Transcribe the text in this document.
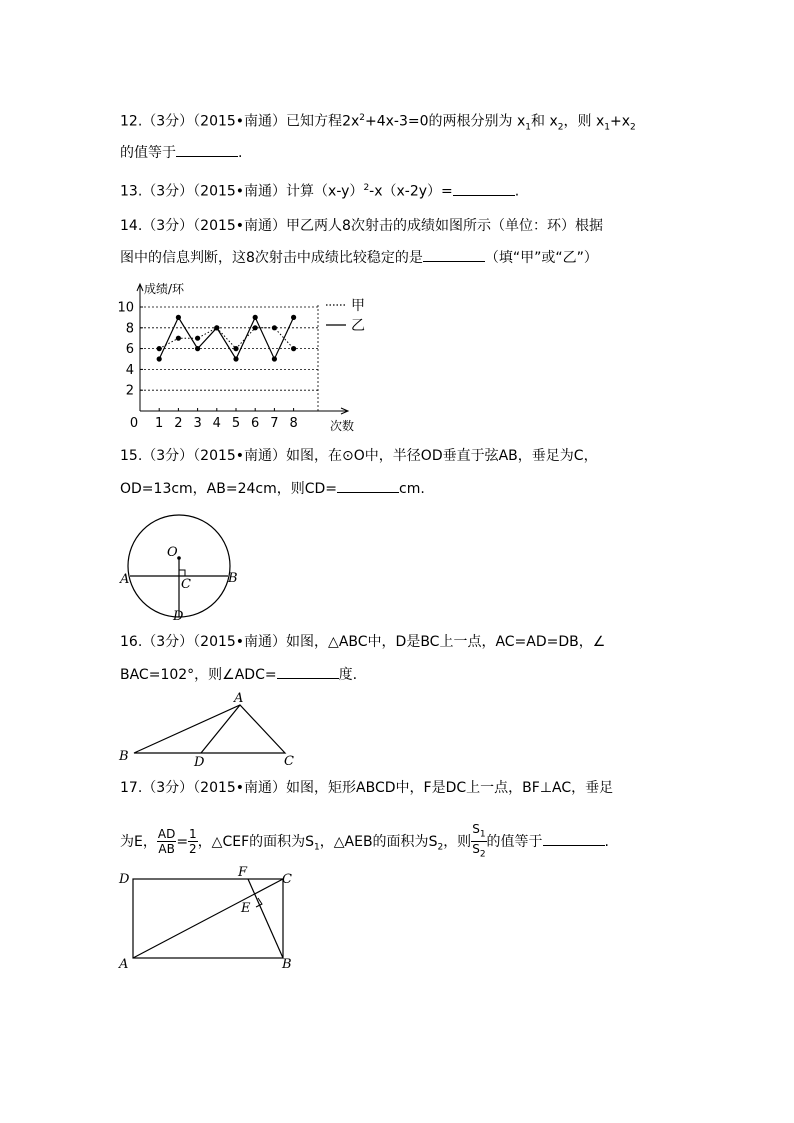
12.（3分）（2015•南通）已知方程$2x^2+4x-3=0$的两根分别为 $x_1$和 $x_2$，则 $x_1+x_2$
的值等于	.
13.（3分）（2015•南通）计算$(x-y)^2-x(x-2y)=$	.
14.（3分）（2015•南通）甲乙两人8次射击的成绩如图所示（单位：环）根据
图中的信息判断，这8次射击中成绩比较稳定的是	（填“甲”或“乙”）
0 1 2 3 4 5 6 7 8
2
4
6
8
10	甲
乙
成绩/环
次数
15.（3分）（2015•南通）如图，在⊙O中，半径OD垂直于弦AB，垂足为C，
OD=13cm，AB=24cm，则CD=	cm.
O
A	B
C
D
16.（3分）（2015•南通）如图，△ABC中，D是BC上一点，AC=AD=DB，∠
BAC=102°，则∠ADC=	度.
A
B	C
D
17.（3分）（2015•南通）如图，矩形ABCD中，F是DC上一点，BF⊥AC，垂足
为E， $\frac{AD}{AB} = \frac{1}{2}$ ，△CEF的面积为$S_1$，△AEB的面积为$S_2$，则 $\frac{S_1}{S_2}$ 的值等于	.
D	F	C
E
A	B
